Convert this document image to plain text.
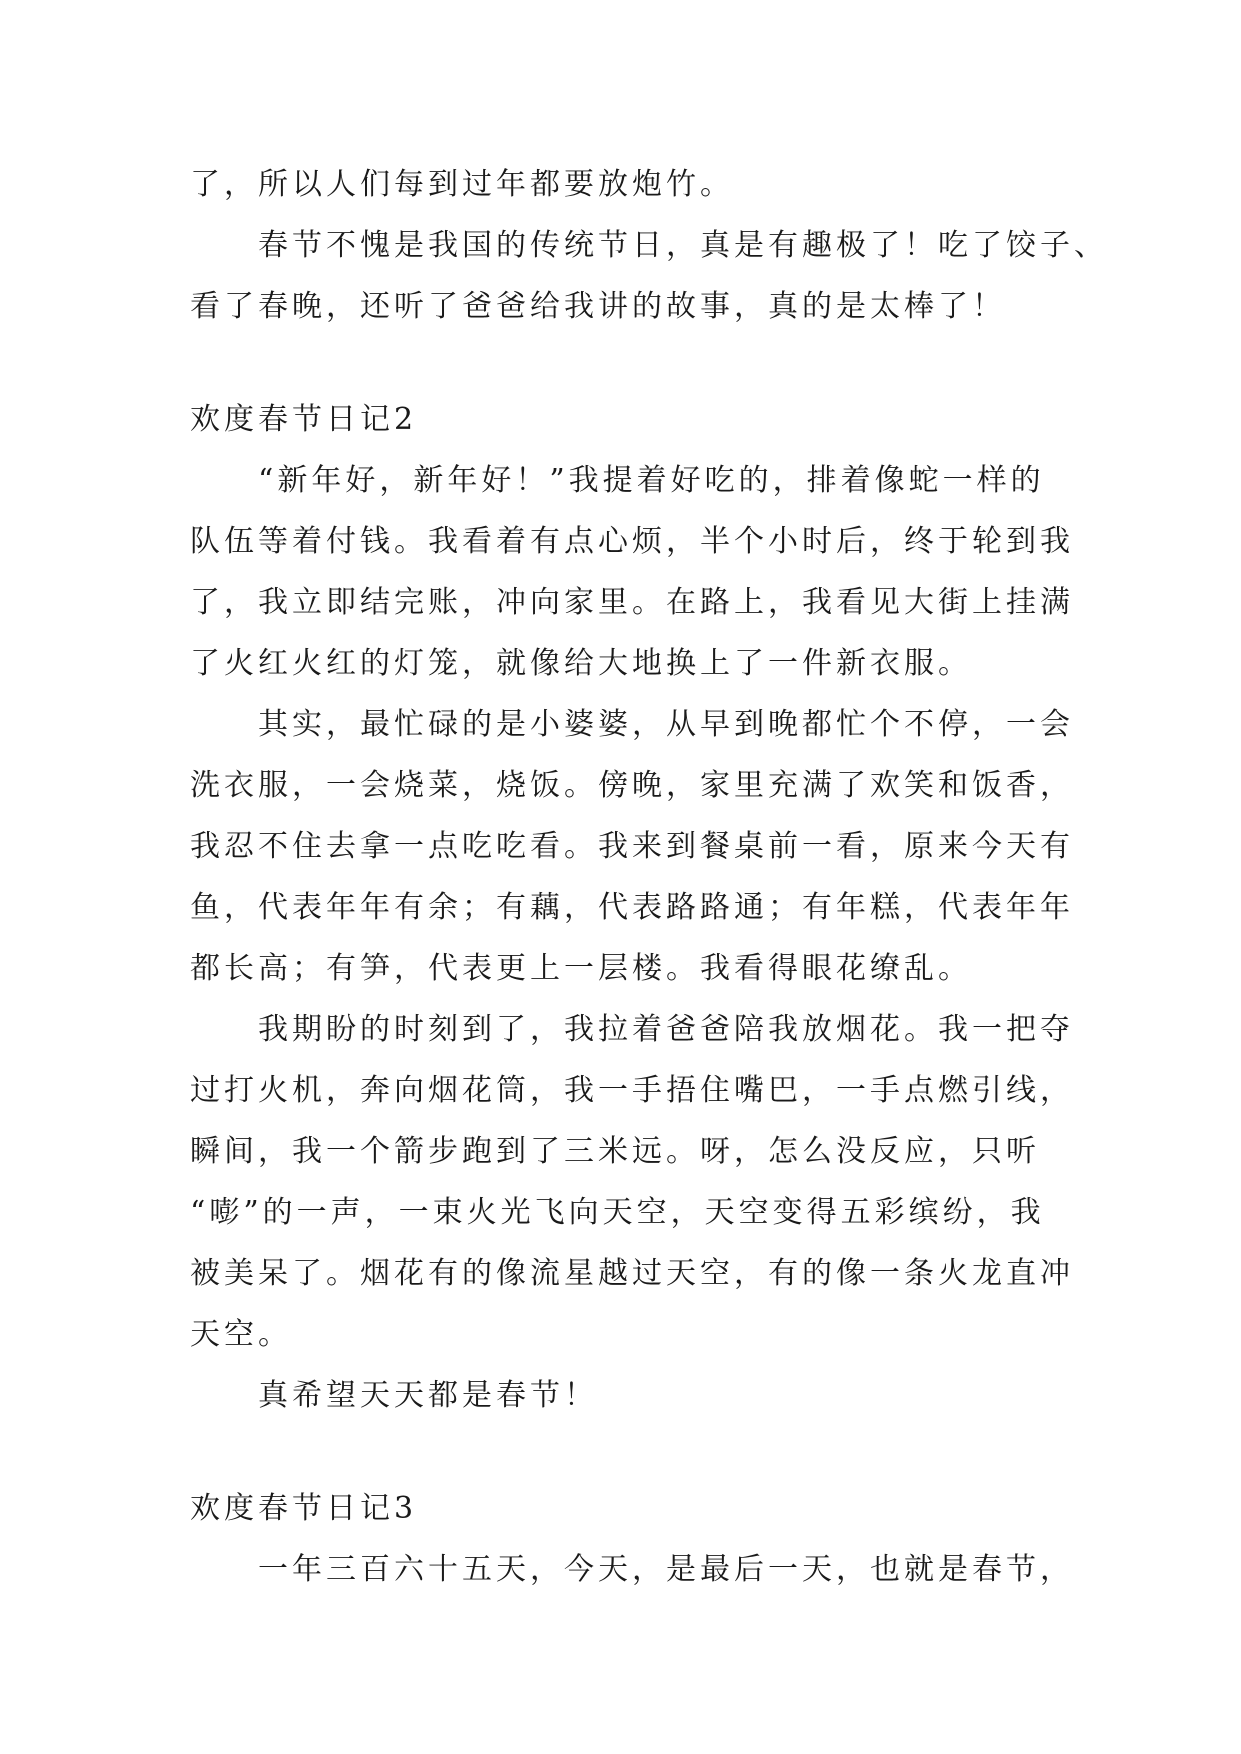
了，所以人们每到过年都要放炮竹。
春节不愧是我国的传统节日，真是有趣极了！吃了饺子、
看了春晚，还听了爸爸给我讲的故事，真的是太棒了！
欢度春节日记2
“新年好，新年好！”我提着好吃的，排着像蛇一样的
队伍等着付钱。我看着有点心烦，半个小时后，终于轮到我
了，我立即结完账，冲向家里。在路上，我看见大街上挂满
了火红火红的灯笼，就像给大地换上了一件新衣服。
其实，最忙碌的是小婆婆，从早到晚都忙个不停，一会
洗衣服，一会烧菜，烧饭。傍晚，家里充满了欢笑和饭香，
我忍不住去拿一点吃吃看。我来到餐桌前一看，原来今天有
鱼，代表年年有余；有藕，代表路路通；有年糕，代表年年
都长高；有笋，代表更上一层楼。我看得眼花缭乱。
我期盼的时刻到了，我拉着爸爸陪我放烟花。我一把夺
过打火机，奔向烟花筒，我一手捂住嘴巴，一手点燃引线，
瞬间，我一个箭步跑到了三米远。呀，怎么没反应，只听
“嘭”的一声，一束火光飞向天空，天空变得五彩缤纷，我
被美呆了。烟花有的像流星越过天空，有的像一条火龙直冲
天空。
真希望天天都是春节！
欢度春节日记3
一年三百六十五天，今天，是最后一天，也就是春节，
